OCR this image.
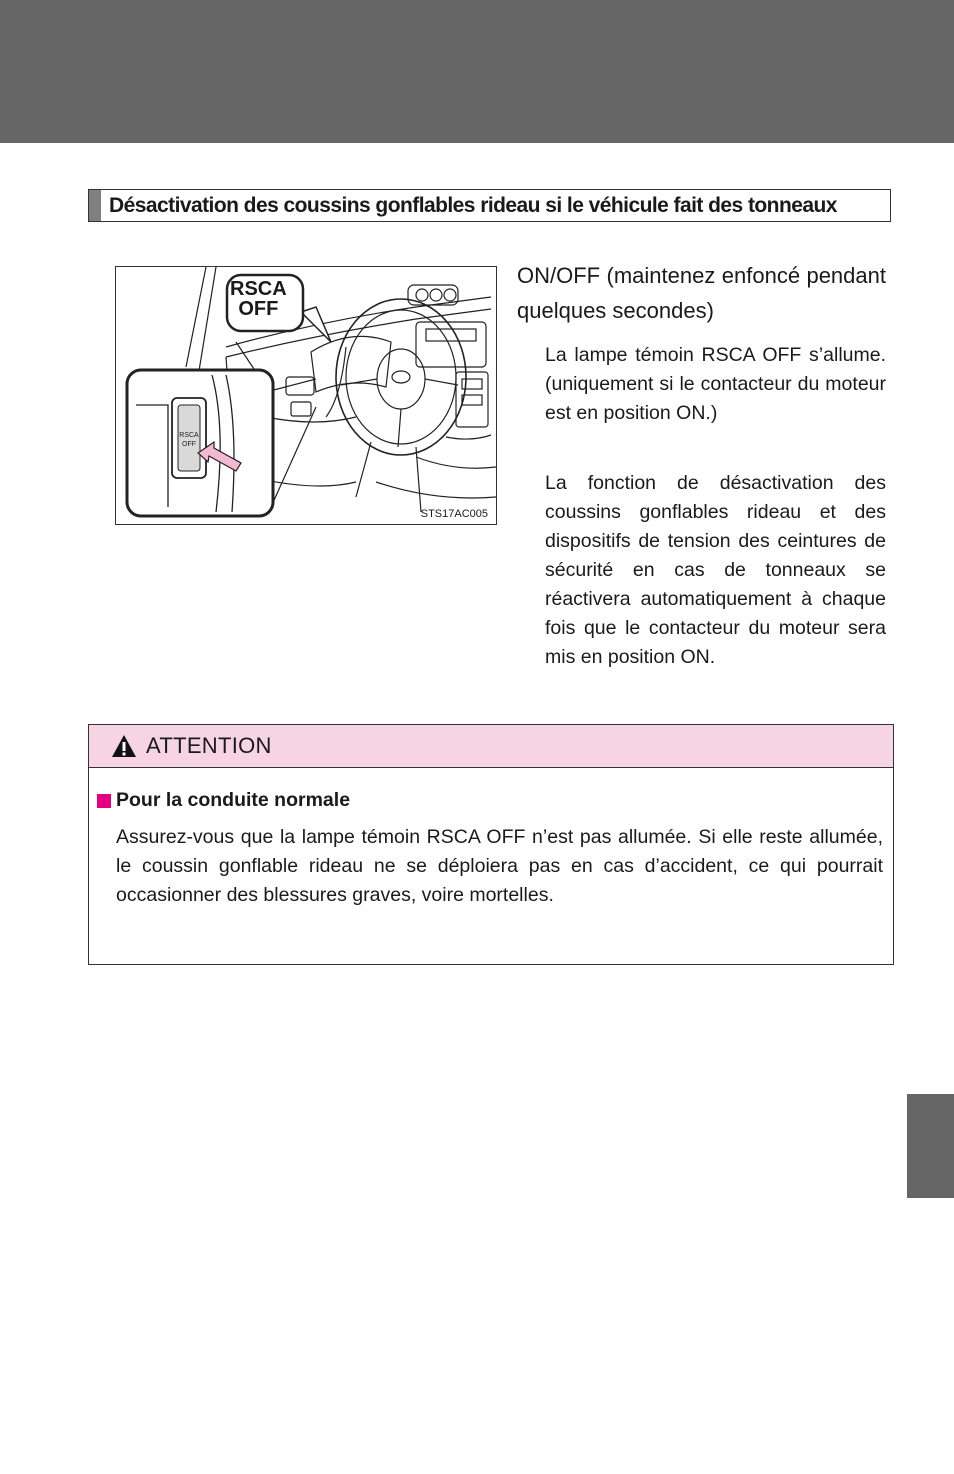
Désactivation des coussins gonflables rideau si le véhicule fait des tonneaux
RSCA
OFF
RSCA
OFF
STS17AC005
ON/OFF (maintenez enfoncé pendant quelques secondes)
La lampe témoin RSCA OFF s’allume. (uniquement si le contacteur du moteur est en position ON.)
La fonction de désactivation des coussins gonflables rideau et des dispositifs de tension des ceintures de sécurité en cas de tonneaux se réactivera automatiquement à chaque fois que le contacteur du moteur sera mis en position ON.
ATTENTION
Pour la conduite normale
Assurez-vous que la lampe témoin RSCA OFF n’est pas allumée. Si elle reste allumée, le coussin gonflable rideau ne se déploiera pas en cas d’accident, ce qui pourrait occasionner des blessures graves, voire mortelles.
